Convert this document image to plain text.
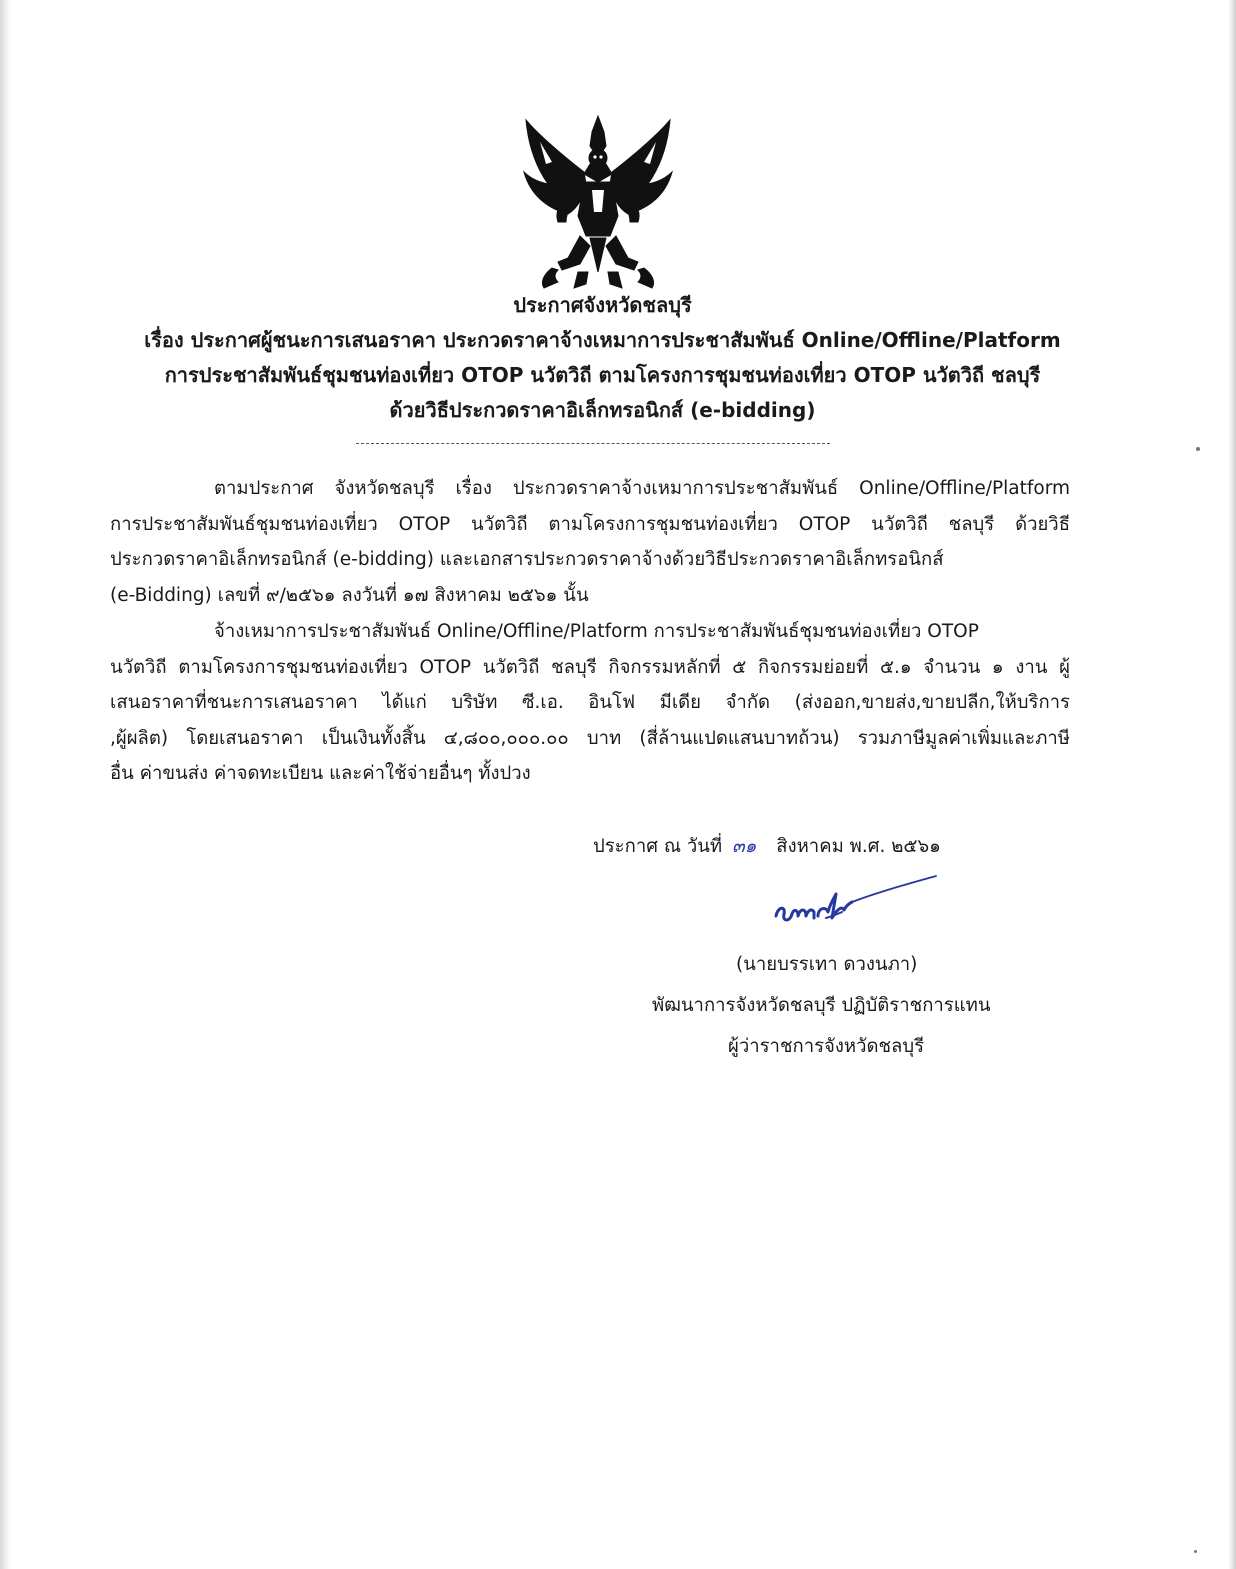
ประกาศจังหวัดชลบุรี
เรื่อง ประกาศผู้ชนะการเสนอราคา ประกวดราคาจ้างเหมาการประชาสัมพันธ์ Online/Offline/Platform
การประชาสัมพันธ์ชุมชนท่องเที่ยว OTOP นวัตวิถี ตามโครงการชุมชนท่องเที่ยว OTOP นวัตวิถี ชลบุรี
ด้วยวิธีประกวดราคาอิเล็กทรอนิกส์ (e-bidding)
ตามประกาศ จังหวัดชลบุรี เรื่อง ประกวดราคาจ้างเหมาการประชาสัมพันธ์ Online/Offline/Platform
การประชาสัมพันธ์ชุมชนท่องเที่ยว OTOP นวัตวิถี ตามโครงการชุมชนท่องเที่ยว OTOP นวัตวิถี ชลบุรี ด้วยวิธี
ประกวดราคาอิเล็กทรอนิกส์ (e-bidding) และเอกสารประกวดราคาจ้างด้วยวิธีประกวดราคาอิเล็กทรอนิกส์
(e-Bidding) เลขที่ ๙/๒๕๖๑ ลงวันที่ ๑๗ สิงหาคม ๒๕๖๑ นั้น
จ้างเหมาการประชาสัมพันธ์ Online/Offline/Platform การประชาสัมพันธ์ชุมชนท่องเที่ยว OTOP
นวัตวิถี ตามโครงการชุมชนท่องเที่ยว OTOP นวัตวิถี ชลบุรี กิจกรรมหลักที่ ๕ กิจกรรมย่อยที่ ๕.๑ จำนวน ๑ งาน ผู้
เสนอราคาที่ชนะการเสนอราคา ได้แก่ บริษัท ซี.เอ. อินโฟ มีเดีย จำกัด (ส่งออก,ขายส่ง,ขายปลีก,ให้บริการ
,ผู้ผลิต) โดยเสนอราคา เป็นเงินทั้งสิ้น ๔,๘๐๐,๐๐๐.๐๐ บาท (สี่ล้านแปดแสนบาทถ้วน) รวมภาษีมูลค่าเพิ่มและภาษี
อื่น ค่าขนส่ง ค่าจดทะเบียน และค่าใช้จ่ายอื่นๆ ทั้งปวง
ประกาศ ณ วันที่ ๓๑ สิงหาคม พ.ศ. ๒๕๖๑
(นายบรรเทา ดวงนภา)
พัฒนาการจังหวัดชลบุรี ปฏิบัติราชการแทน
ผู้ว่าราชการจังหวัดชลบุรี
